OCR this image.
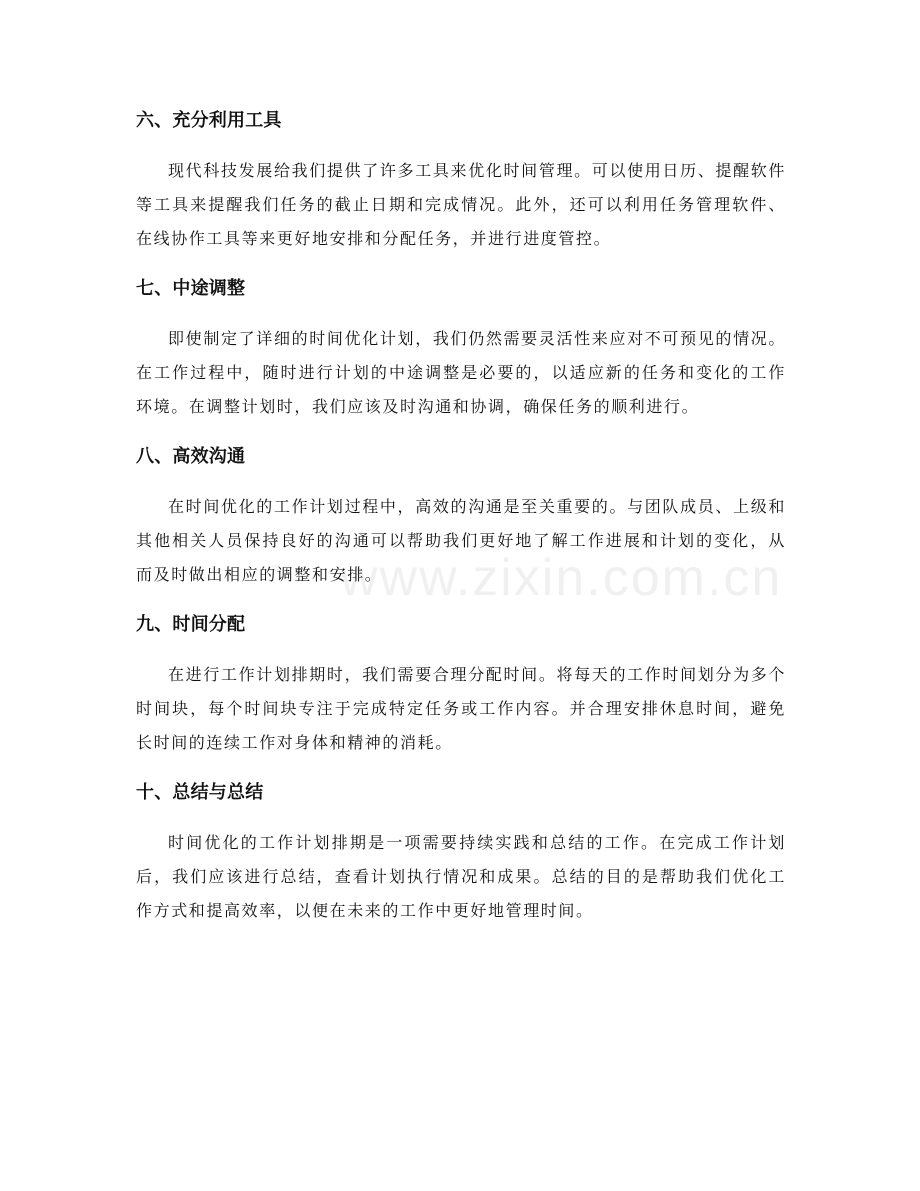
六、充分利用工具

现代科技发展给我们提供了许多工具来优化时间管理。可以使用日历、提醒软件等工具来提醒我们任务的截止日期和完成情况。此外，还可以利用任务管理软件、在线协作工具等来更好地安排和分配任务，并进行进度管控。

七、中途调整

即使制定了详细的时间优化计划，我们仍然需要灵活性来应对不可预见的情况。在工作过程中，随时进行计划的中途调整是必要的，以适应新的任务和变化的工作环境。在调整计划时，我们应该及时沟通和协调，确保任务的顺利进行。

八、高效沟通

在时间优化的工作计划过程中，高效的沟通是至关重要的。与团队成员、上级和其他相关人员保持良好的沟通可以帮助我们更好地了解工作进展和计划的变化，从而及时做出相应的调整和安排。

九、时间分配

在进行工作计划排期时，我们需要合理分配时间。将每天的工作时间划分为多个时间块，每个时间块专注于完成特定任务或工作内容。并合理安排休息时间，避免长时间的连续工作对身体和精神的消耗。

十、总结与总结

时间优化的工作计划排期是一项需要持续实践和总结的工作。在完成工作计划后，我们应该进行总结，查看计划执行情况和成果。总结的目的是帮助我们优化工作方式和提高效率，以便在未来的工作中更好地管理时间。

www.zixin.com.cn
